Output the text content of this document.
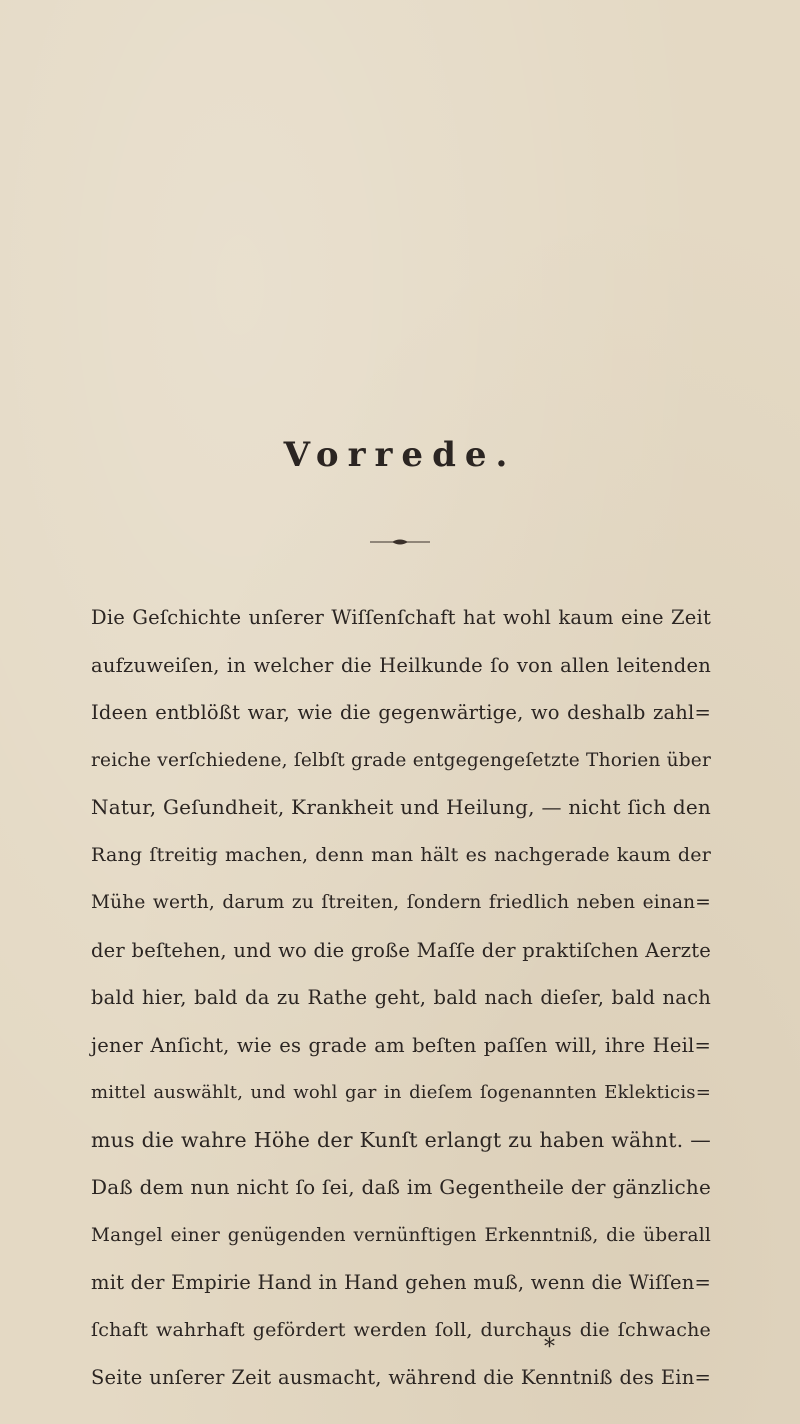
Vorrede.
Die Geſchichte unſerer Wiſſenſchaft hat wohl kaum eine Zeit
aufzuweiſen, in welcher die Heilkunde ſo von allen leitenden
Ideen entblößt war, wie die gegenwärtige, wo deshalb zahl=
reiche verſchiedene, ſelbſt grade entgegengeſetzte Thorien über
Natur, Geſundheit, Krankheit und Heilung, — nicht ſich den
Rang ſtreitig machen, denn man hält es nachgerade kaum der
Mühe werth, darum zu ſtreiten, ſondern friedlich neben einan=
der beſtehen, und wo die große Maſſe der praktiſchen Aerzte
bald hier, bald da zu Rathe geht, bald nach dieſer, bald nach
jener Anſicht, wie es grade am beſten paſſen will, ihre Heil=
mittel auswählt, und wohl gar in dieſem ſogenannten Eklekticis=
mus die wahre Höhe der Kunſt erlangt zu haben wähnt. —
Daß dem nun nicht ſo ſei, daß im Gegentheile der gänzliche
Mangel einer genügenden vernünftigen Erkenntniß, die überall
mit der Empirie Hand in Hand gehen muß, wenn die Wiſſen=
ſchaft wahrhaft gefördert werden ſoll, durchaus die ſchwache
Seite unſerer Zeit ausmacht, während die Kenntniß des Ein=
*
